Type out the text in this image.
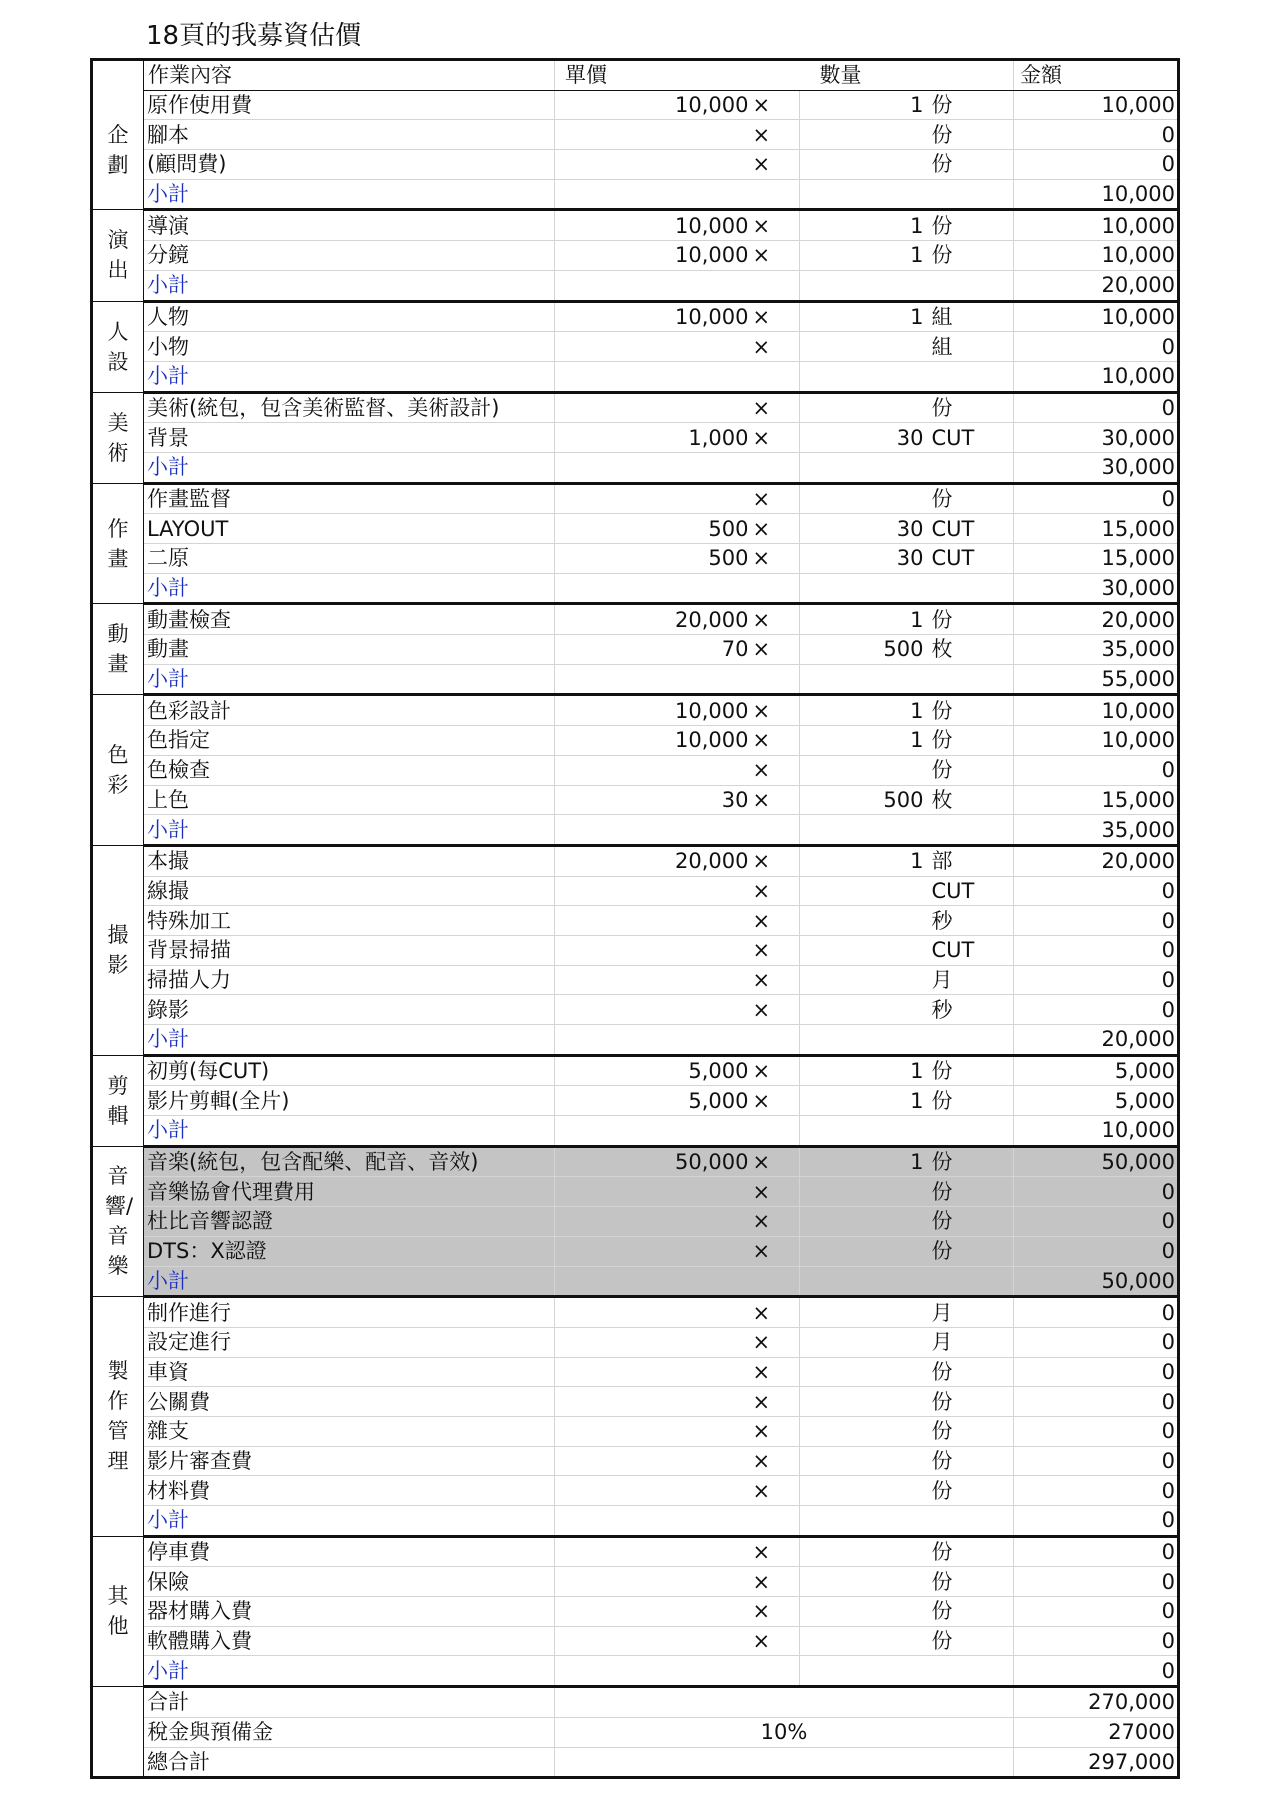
18頁的我募資估價
	作業內容	單價		數量		金額
企劃	原作使用費	10,000	×	1	份	10,000
	腳本		×		份	0
	(顧問費)		×		份	0
	小計					10,000
演出	導演	10,000	×	1	份	10,000
	分鏡	10,000	×	1	份	10,000
	小計					20,000
人設	人物	10,000	×	1	組	10,000
	小物		×		組	0
	小計					10,000
美術	美術(統包，包含美術監督、美術設計)		×		份	0
	背景	1,000	×	30	CUT	30,000
	小計					30,000
作畫	作畫監督		×		份	0
	LAYOUT	500	×	30	CUT	15,000
	二原	500	×	30	CUT	15,000
	小計					30,000
動畫	動畫檢查	20,000	×	1	份	20,000
	動畫	70	×	500	枚	35,000
	小計					55,000
色彩	色彩設計	10,000	×	1	份	10,000
	色指定	10,000	×	1	份	10,000
	色檢查		×		份	0
	上色	30	×	500	枚	15,000
	小計					35,000
撮影	本撮	20,000	×	1	部	20,000
	線撮		×		CUT	0
	特殊加工		×		秒	0
	背景掃描		×		CUT	0
	掃描人力		×		月	0
	錄影		×		秒	0
	小計					20,000
剪輯	初剪(每CUT)	5,000	×	1	份	5,000
	影片剪輯(全片)	5,000	×	1	份	5,000
	小計					10,000
音響/音樂	音楽(統包，包含配樂、配音、音效)	50,000	×	1	份	50,000
	音樂協會代理費用		×		份	0
	杜比音響認證		×		份	0
	DTS：X認證		×		份	0
	小計					50,000
製作管理	制作進行		×		月	0
	設定進行		×		月	0
	車資		×		份	0
	公關費		×		份	0
	雜支		×		份	0
	影片審查費		×		份	0
	材料費		×		份	0
	小計					0
其他	停車費		×		份	0
	保險		×		份	0
	器材購入費		×		份	0
	軟體購入費		×		份	0
	小計					0
	合計					270,000
	稅金與預備金	10%				27000
	總合計					297,000
